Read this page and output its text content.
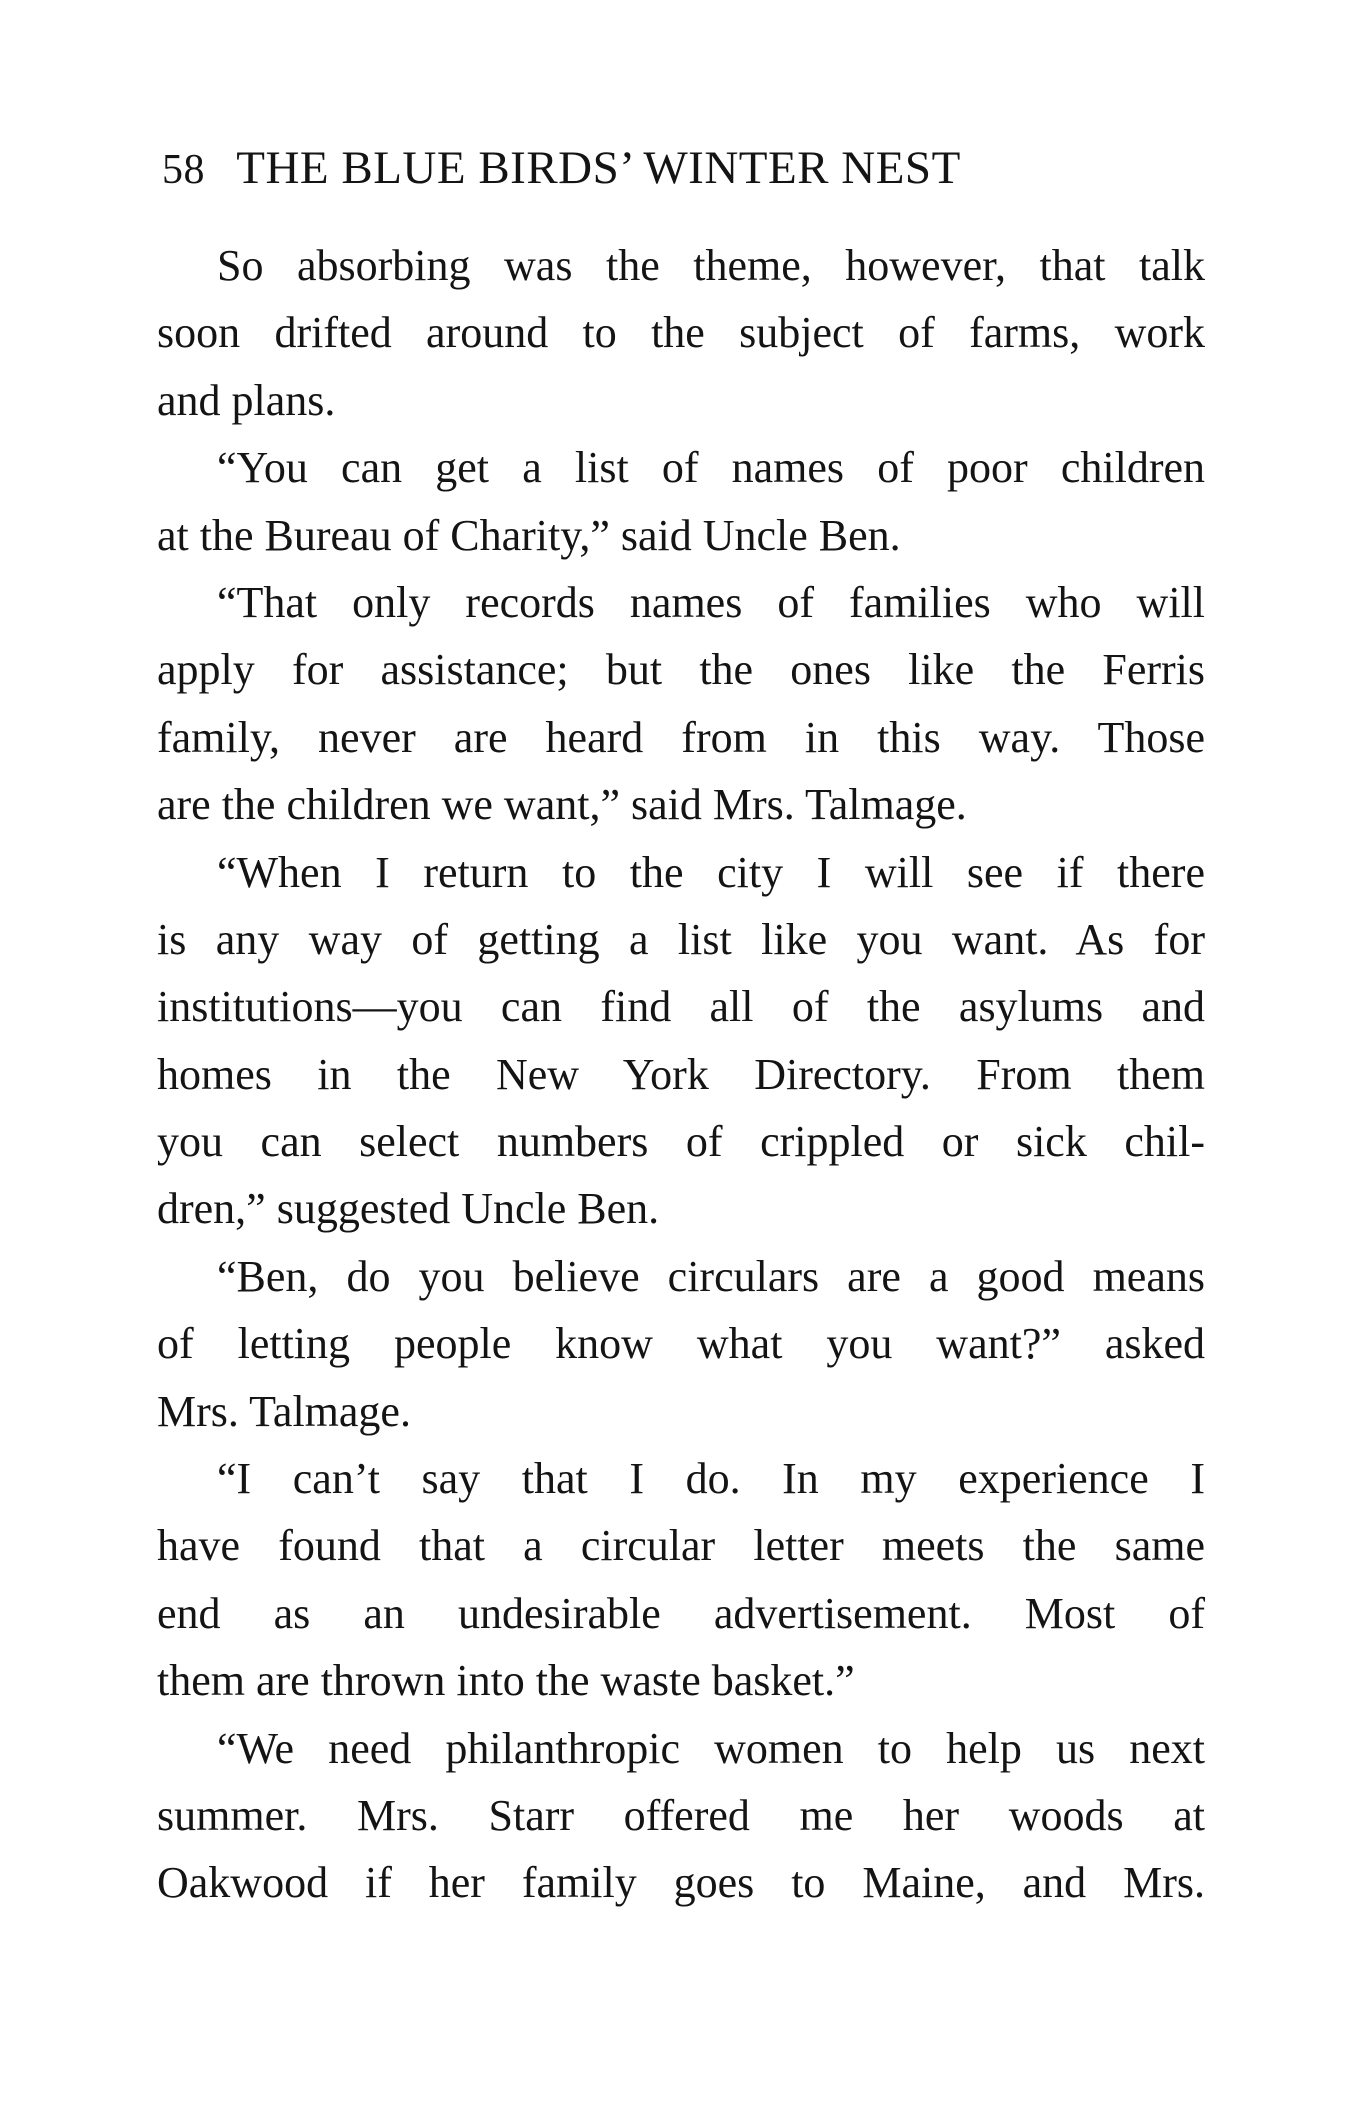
58 THE BLUE BIRDS’ WINTER NEST
So absorbing was the theme, however, that talk
soon drifted around to the subject of farms, work
and plans.
“You can get a list of names of poor children
at the Bureau of Charity,” said Uncle Ben.
“That only records names of families who will
apply for assistance; but the ones like the Ferris
family, never are heard from in this way. Those
are the children we want,” said Mrs. Talmage.
“When I return to the city I will see if there
is any way of getting a list like you want. As for
institutions—you can find all of the asylums and
homes in the New York Directory. From them
you can select numbers of crippled or sick chil-
dren,” suggested Uncle Ben.
“Ben, do you believe circulars are a good means
of letting people know what you want?” asked
Mrs. Talmage.
“I can’t say that I do. In my experience I
have found that a circular letter meets the same
end as an undesirable advertisement. Most of
them are thrown into the waste basket.”
“We need philanthropic women to help us next
summer. Mrs. Starr offered me her woods at
Oakwood if her family goes to Maine, and Mrs.
